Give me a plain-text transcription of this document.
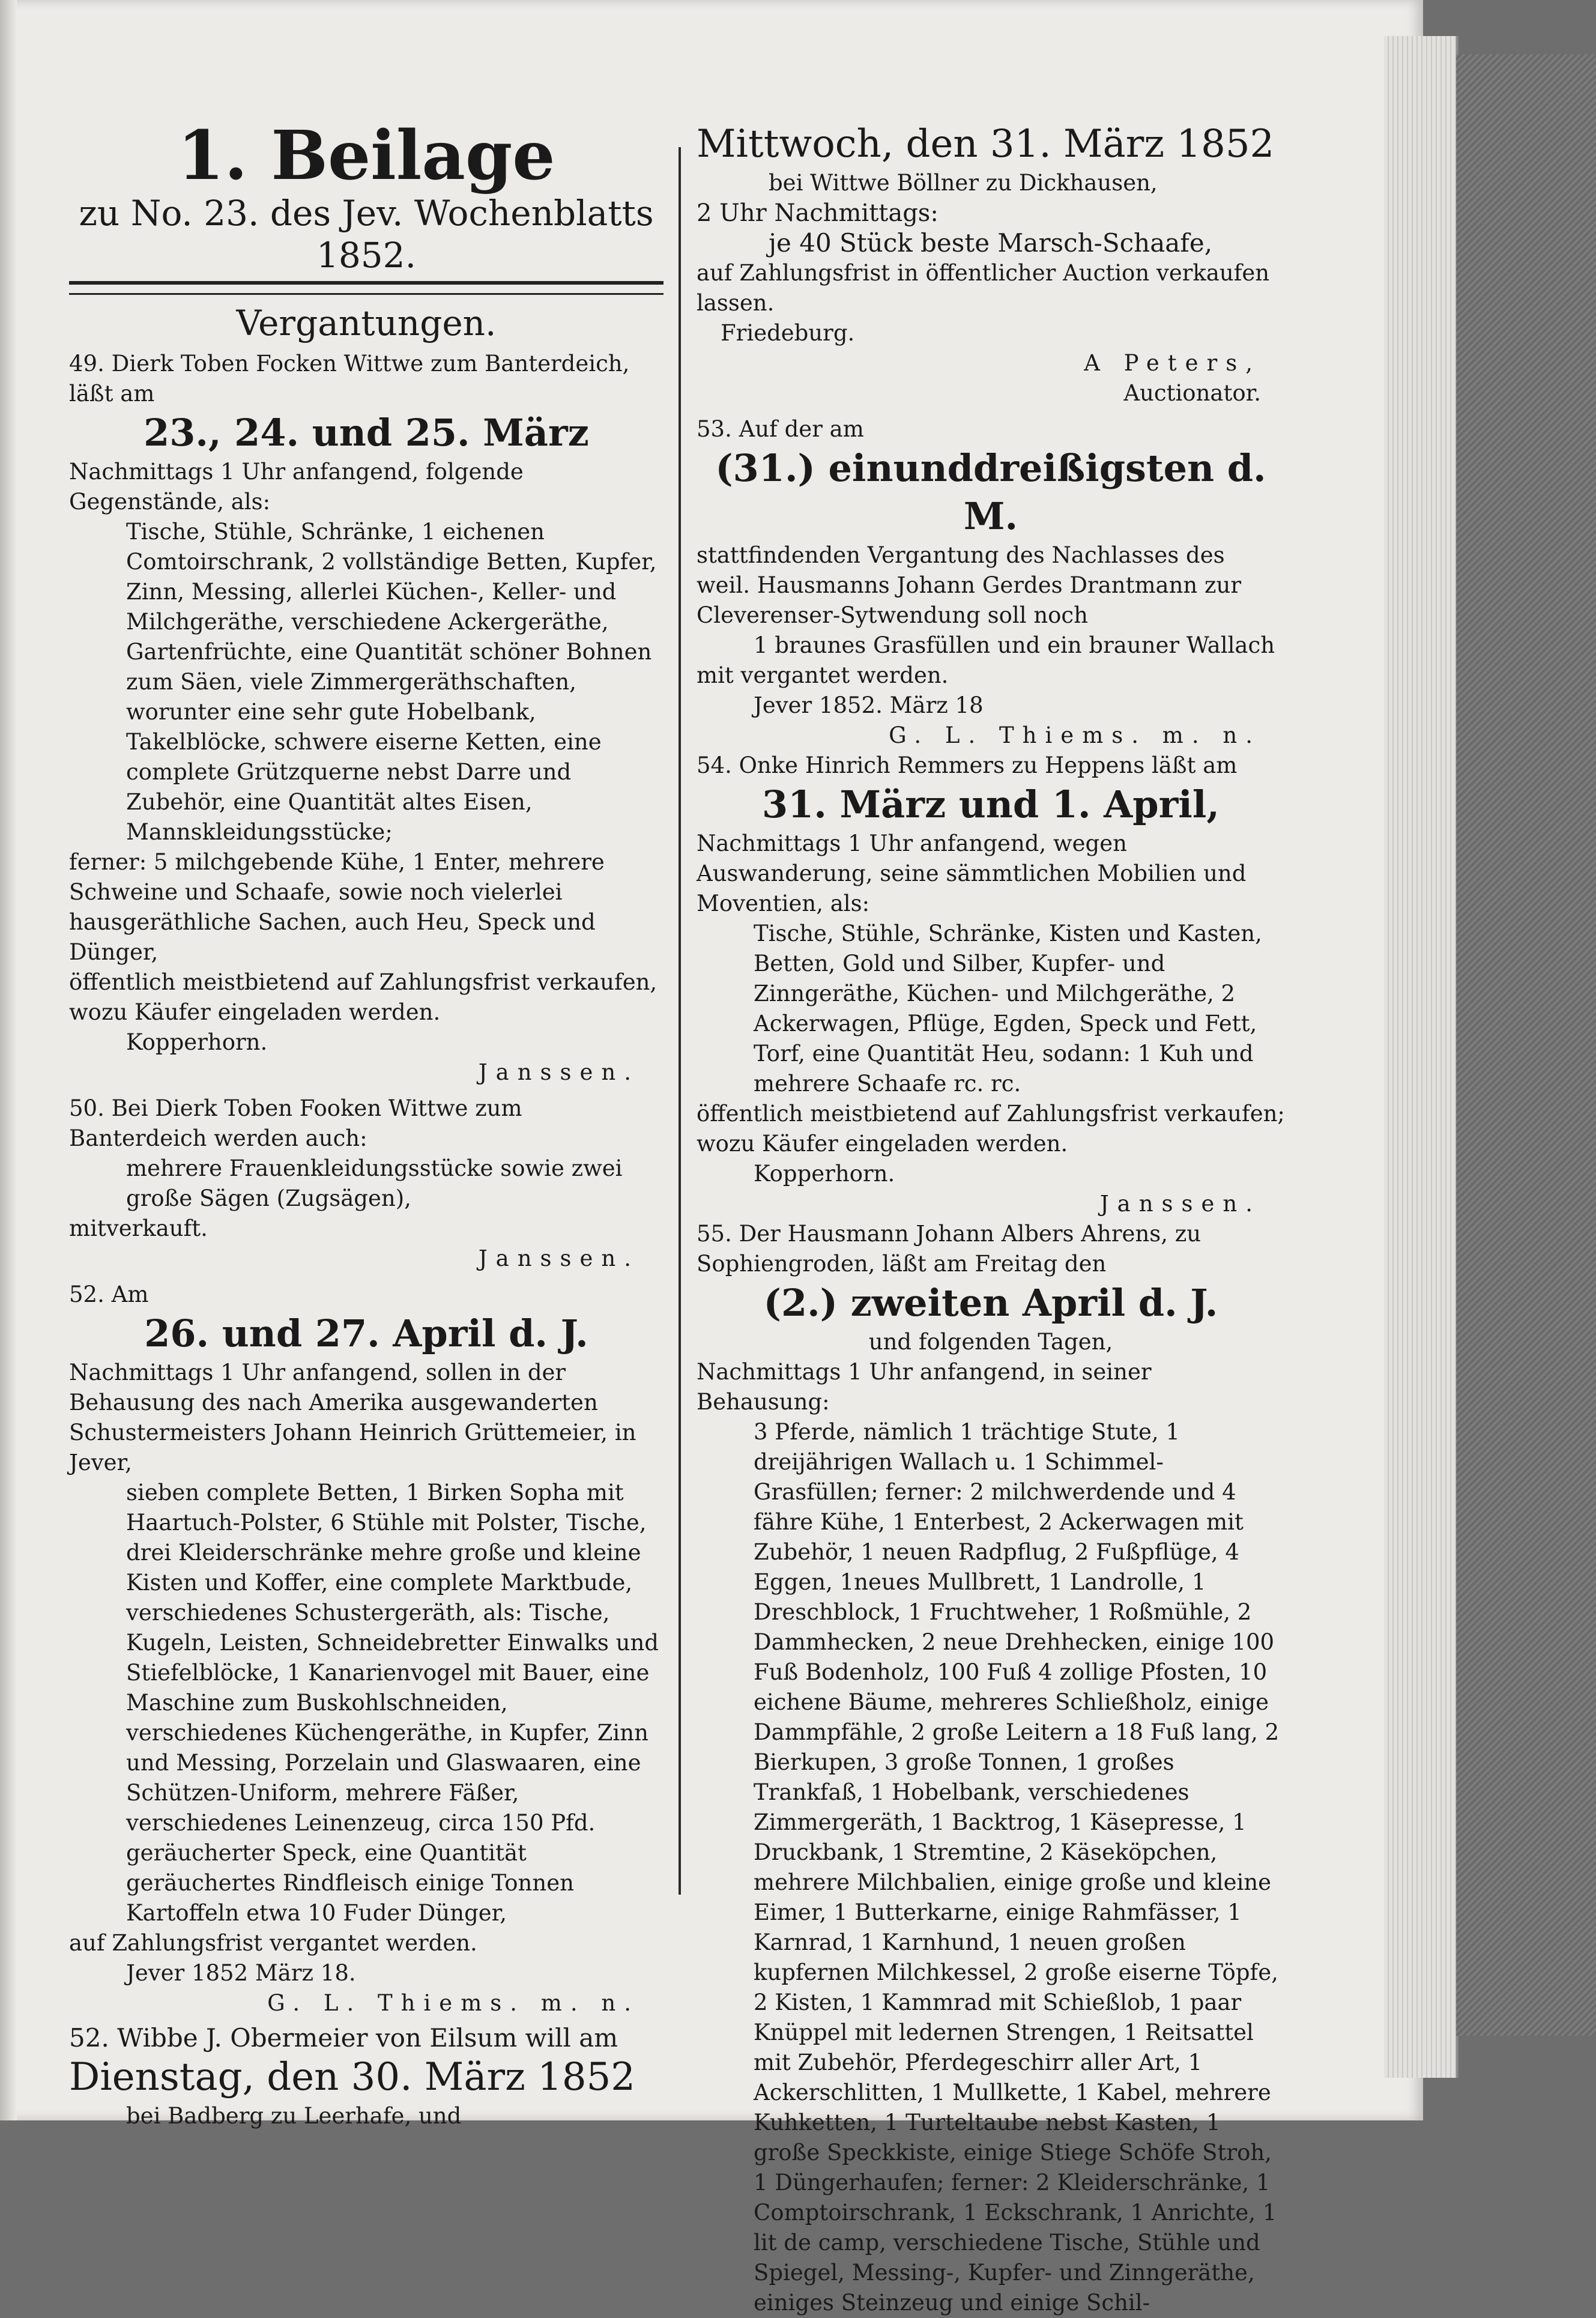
1. Beilage
zu No. 23. des Jev. Wochenblatts 1852.
Vergantungen.
49. Dierk Toben Focken Wittwe zum Banterdeich, läßt am
23., 24. und 25. März
Nachmittags 1 Uhr anfangend, folgende Gegenstände, als:
Tische, Stühle, Schränke, 1 eichenen Comtoirschrank, 2 vollständige Betten, Kupfer, Zinn, Messing, allerlei Küchen-, Keller- und Milchgeräthe, verschiedene Ackergeräthe, Gartenfrüchte, eine Quantität schöner Bohnen zum Säen, viele Zimmergeräthschaften, worunter eine sehr gute Hobelbank, Takelblöcke, schwere eiserne Ketten, eine complete Grützquerne nebst Darre und Zubehör, eine Quantität altes Eisen, Mannskleidungsstücke;
ferner: 5 milchgebende Kühe, 1 Enter, mehrere Schweine und Schaafe, sowie noch vielerlei hausgeräthliche Sachen, auch Heu, Speck und Dünger,
öffentlich meistbietend auf Zahlungsfrist verkaufen, wozu Käufer eingeladen werden.
Kopperhorn.
Janssen.
50. Bei Dierk Toben Fooken Wittwe zum Banterdeich werden auch:
mehrere Frauenkleidungsstücke sowie zwei große Sägen (Zugsägen),
mitverkauft.
Janssen.
52. Am
26. und 27. April d. J.
Nachmittags 1 Uhr anfangend, sollen in der Behausung des nach Amerika ausgewanderten Schustermeisters Johann Heinrich Grüttemeier, in Jever,
sieben complete Betten, 1 Birken Sopha mit Haartuch-Polster, 6 Stühle mit Polster, Tische, drei Kleiderschränke mehre große und kleine Kisten und Koffer, eine complete Marktbude, verschiedenes Schustergeräth, als: Tische, Kugeln, Leisten, Schneidebretter Einwalks und Stiefelblöcke, 1 Kanarienvogel mit Bauer, eine Maschine zum Buskohlschneiden, verschiedenes Küchengeräthe, in Kupfer, Zinn und Messing, Porzelain und Glaswaaren, eine Schützen-Uniform, mehrere Fäßer, verschiedenes Leinenzeug, circa 150 Pfd. geräucherter Speck, eine Quantität geräuchertes Rindfleisch einige Tonnen Kartoffeln etwa 10 Fuder Dünger,
auf Zahlungsfrist vergantet werden.
Jever 1852 März 18.
G. L. Thiems. m. n.
52. Wibbe J. Obermeier von Eilsum will am
Dienstag, den 30. März 1852
bei Badberg zu Leerhafe, und
Mittwoch, den 31. März 1852
bei Wittwe Böllner zu Dickhausen,
2 Uhr Nachmittags:
je 40 Stück beste Marsch-Schaafe,
auf Zahlungsfrist in öffentlicher Auction verkaufen lassen.
Friedeburg.
A Peters,
Auctionator.
53. Auf der am
(31.) einunddreißigsten d. M.
stattfindenden Vergantung des Nachlasses des weil. Hausmanns Johann Gerdes Drantmann zur Cleverenser-Sytwendung soll noch
1 braunes Grasfüllen und ein brauner Wallach
mit vergantet werden.
Jever 1852. März 18
G. L. Thiems. m. n.
54. Onke Hinrich Remmers zu Heppens läßt am
31. März und 1. April,
Nachmittags 1 Uhr anfangend, wegen Auswanderung, seine sämmtlichen Mobilien und Moventien, als:
Tische, Stühle, Schränke, Kisten und Kasten, Betten, Gold und Silber, Kupfer- und Zinngeräthe, Küchen- und Milchgeräthe, 2 Ackerwagen, Pflüge, Egden, Speck und Fett, Torf, eine Quantität Heu, sodann: 1 Kuh und mehrere Schaafe rc. rc.
öffentlich meistbietend auf Zahlungsfrist verkaufen; wozu Käufer eingeladen werden.
Kopperhorn.
Janssen.
55. Der Hausmann Johann Albers Ahrens, zu Sophiengroden, läßt am Freitag den
(2.) zweiten April d. J.
und folgenden Tagen,
Nachmittags 1 Uhr anfangend, in seiner Behausung:
3 Pferde, nämlich 1 trächtige Stute, 1 dreijährigen Wallach u. 1 Schimmel-Grasfüllen; ferner: 2 milchwerdende und 4 fähre Kühe, 1 Enterbest, 2 Ackerwagen mit Zubehör, 1 neuen Radpflug, 2 Fußpflüge, 4 Eggen, 1neues Mullbrett, 1 Landrolle, 1 Dreschblock, 1 Fruchtweher, 1 Roßmühle, 2 Dammhecken, 2 neue Drehhecken, einige 100 Fuß Bodenholz, 100 Fuß 4 zollige Pfosten, 10 eichene Bäume, mehreres Schließholz, einige Dammpfähle, 2 große Leitern a 18 Fuß lang, 2 Bierkupen, 3 große Tonnen, 1 großes Trankfaß, 1 Hobelbank, verschiedenes Zimmergeräth, 1 Backtrog, 1 Käsepresse, 1 Druckbank, 1 Stremtine, 2 Käseköpchen, mehrere Milchbalien, einige große und kleine Eimer, 1 Butterkarne, einige Rahmfässer, 1 Karnrad, 1 Karnhund, 1 neuen großen kupfernen Milchkessel, 2 große eiserne Töpfe, 2 Kisten, 1 Kammrad mit Schießlob, 1 paar Knüppel mit ledernen Strengen, 1 Reitsattel mit Zubehör, Pferdegeschirr aller Art, 1 Ackerschlitten, 1 Mullkette, 1 Kabel, mehrere Kuhketten, 1 Turteltaube nebst Kasten, 1 große Speckkiste, einige Stiege Schöfe Stroh, 1 Düngerhaufen; ferner: 2 Kleiderschränke, 1 Comptoirschrank, 1 Eckschrank, 1 Anrichte, 1 lit de camp, verschiedene Tische, Stühle und Spiegel, Messing-, Kupfer- und Zinngeräthe, einiges Steinzeug und einige Schil-
